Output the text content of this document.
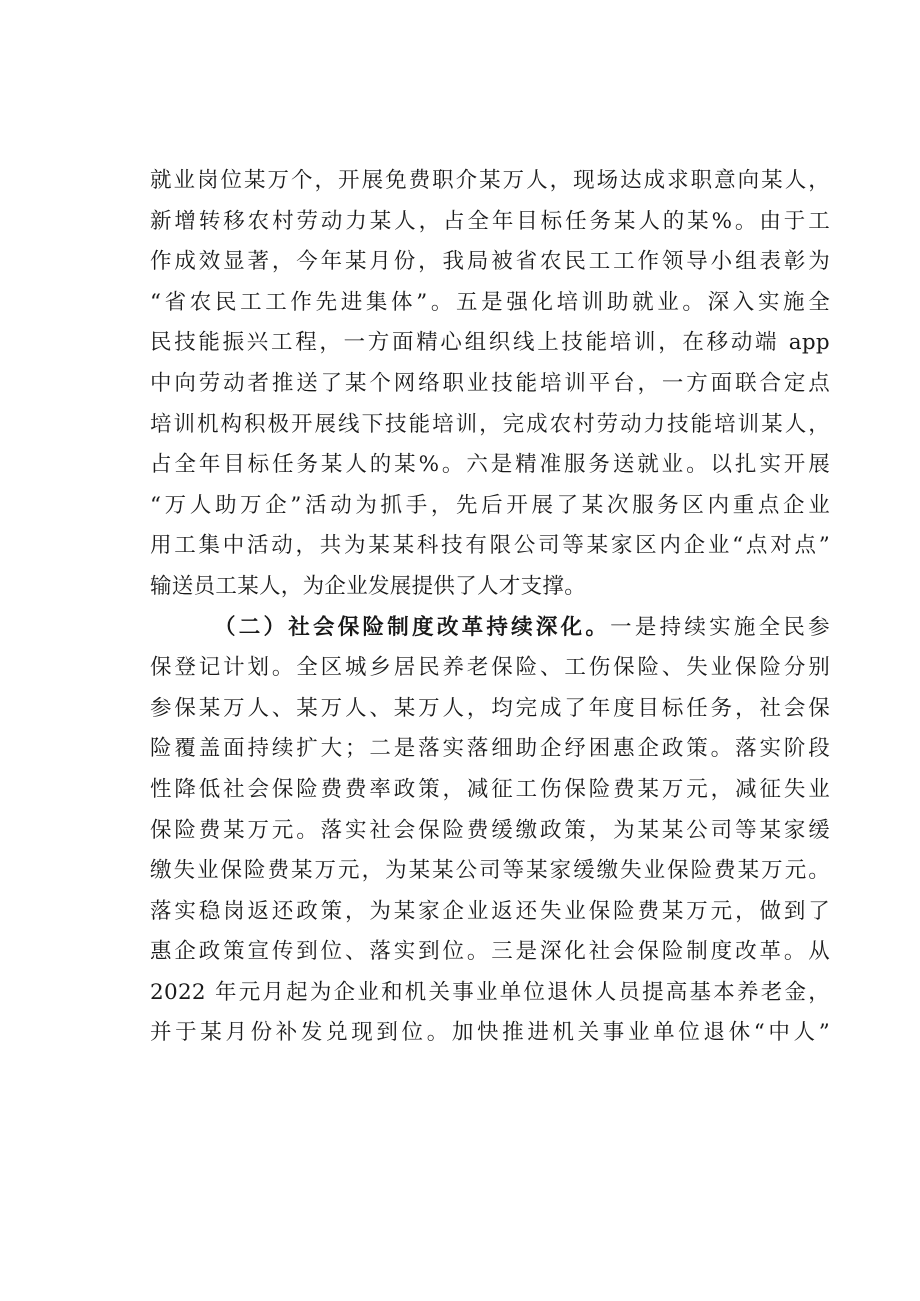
就业岗位某万个，开展免费职介某万人，现场达成求职意向某人，
新增转移农村劳动力某人，占全年目标任务某人的某%。由于工
作成效显著，今年某月份，我局被省农民工工作领导小组表彰为
“省农民工工作先进集体”。五是强化培训助就业。深入实施全
民技能振兴工程，一方面精心组织线上技能培训，在移动端 app
中向劳动者推送了某个网络职业技能培训平台，一方面联合定点
培训机构积极开展线下技能培训，完成农村劳动力技能培训某人，
占全年目标任务某人的某%。六是精准服务送就业。以扎实开展
“万人助万企”活动为抓手，先后开展了某次服务区内重点企业
用工集中活动，共为某某科技有限公司等某家区内企业“点对点”
输送员工某人，为企业发展提供了人才支撑。
（二）社会保险制度改革持续深化。一是持续实施全民参
保登记计划。全区城乡居民养老保险、工伤保险、失业保险分别
参保某万人、某万人、某万人，均完成了年度目标任务，社会保
险覆盖面持续扩大；二是落实落细助企纾困惠企政策。落实阶段
性降低社会保险费费率政策，减征工伤保险费某万元，减征失业
保险费某万元。落实社会保险费缓缴政策，为某某公司等某家缓
缴失业保险费某万元，为某某公司等某家缓缴失业保险费某万元。
落实稳岗返还政策，为某家企业返还失业保险费某万元，做到了
惠企政策宣传到位、落实到位。三是深化社会保险制度改革。从
2022 年元月起为企业和机关事业单位退休人员提高基本养老金，
并于某月份补发兑现到位。加快推进机关事业单位退休“中人”
